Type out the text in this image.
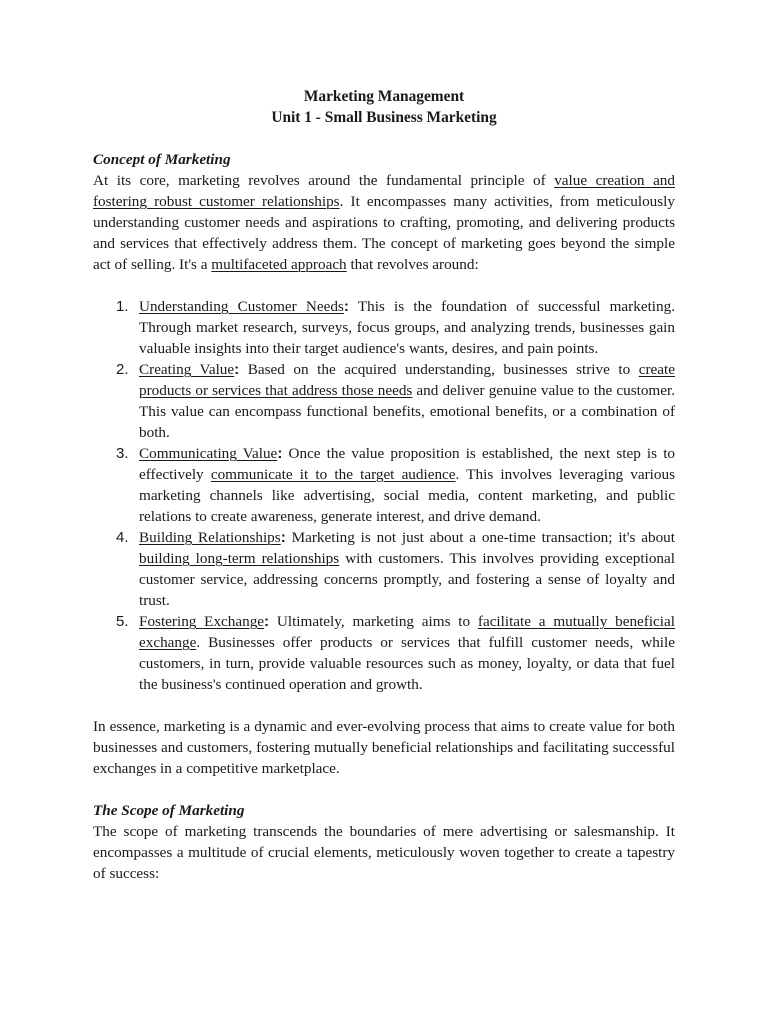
Marketing Management
Unit 1 - Small Business Marketing
Concept of Marketing

At its core, marketing revolves around the fundamental principle of value creation and fostering robust customer relationships. It encompasses many activities, from meticulously understanding customer needs and aspirations to crafting, promoting, and delivering products and services that effectively address them. The concept of marketing goes beyond the simple act of selling. It's a multifaceted approach that revolves around:

1. Understanding Customer Needs: This is the foundation of successful marketing. Through market research, surveys, focus groups, and analyzing trends, businesses gain valuable insights into their target audience's wants, desires, and pain points.
2. Creating Value: Based on the acquired understanding, businesses strive to create products or services that address those needs and deliver genuine value to the customer. This value can encompass functional benefits, emotional benefits, or a combination of both.
3. Communicating Value: Once the value proposition is established, the next step is to effectively communicate it to the target audience. This involves leveraging various marketing channels like advertising, social media, content marketing, and public relations to create awareness, generate interest, and drive demand.
4. Building Relationships: Marketing is not just about a one-time transaction; it's about building long-term relationships with customers. This involves providing exceptional customer service, addressing concerns promptly, and fostering a sense of loyalty and trust.
5. Fostering Exchange: Ultimately, marketing aims to facilitate a mutually beneficial exchange. Businesses offer products or services that fulfill customer needs, while customers, in turn, provide valuable resources such as money, loyalty, or data that fuel the business's continued operation and growth.

In essence, marketing is a dynamic and ever-evolving process that aims to create value for both businesses and customers, fostering mutually beneficial relationships and facilitating successful exchanges in a competitive marketplace.

The Scope of Marketing

The scope of marketing transcends the boundaries of mere advertising or salesmanship. It encompasses a multitude of crucial elements, meticulously woven together to create a tapestry of success:
